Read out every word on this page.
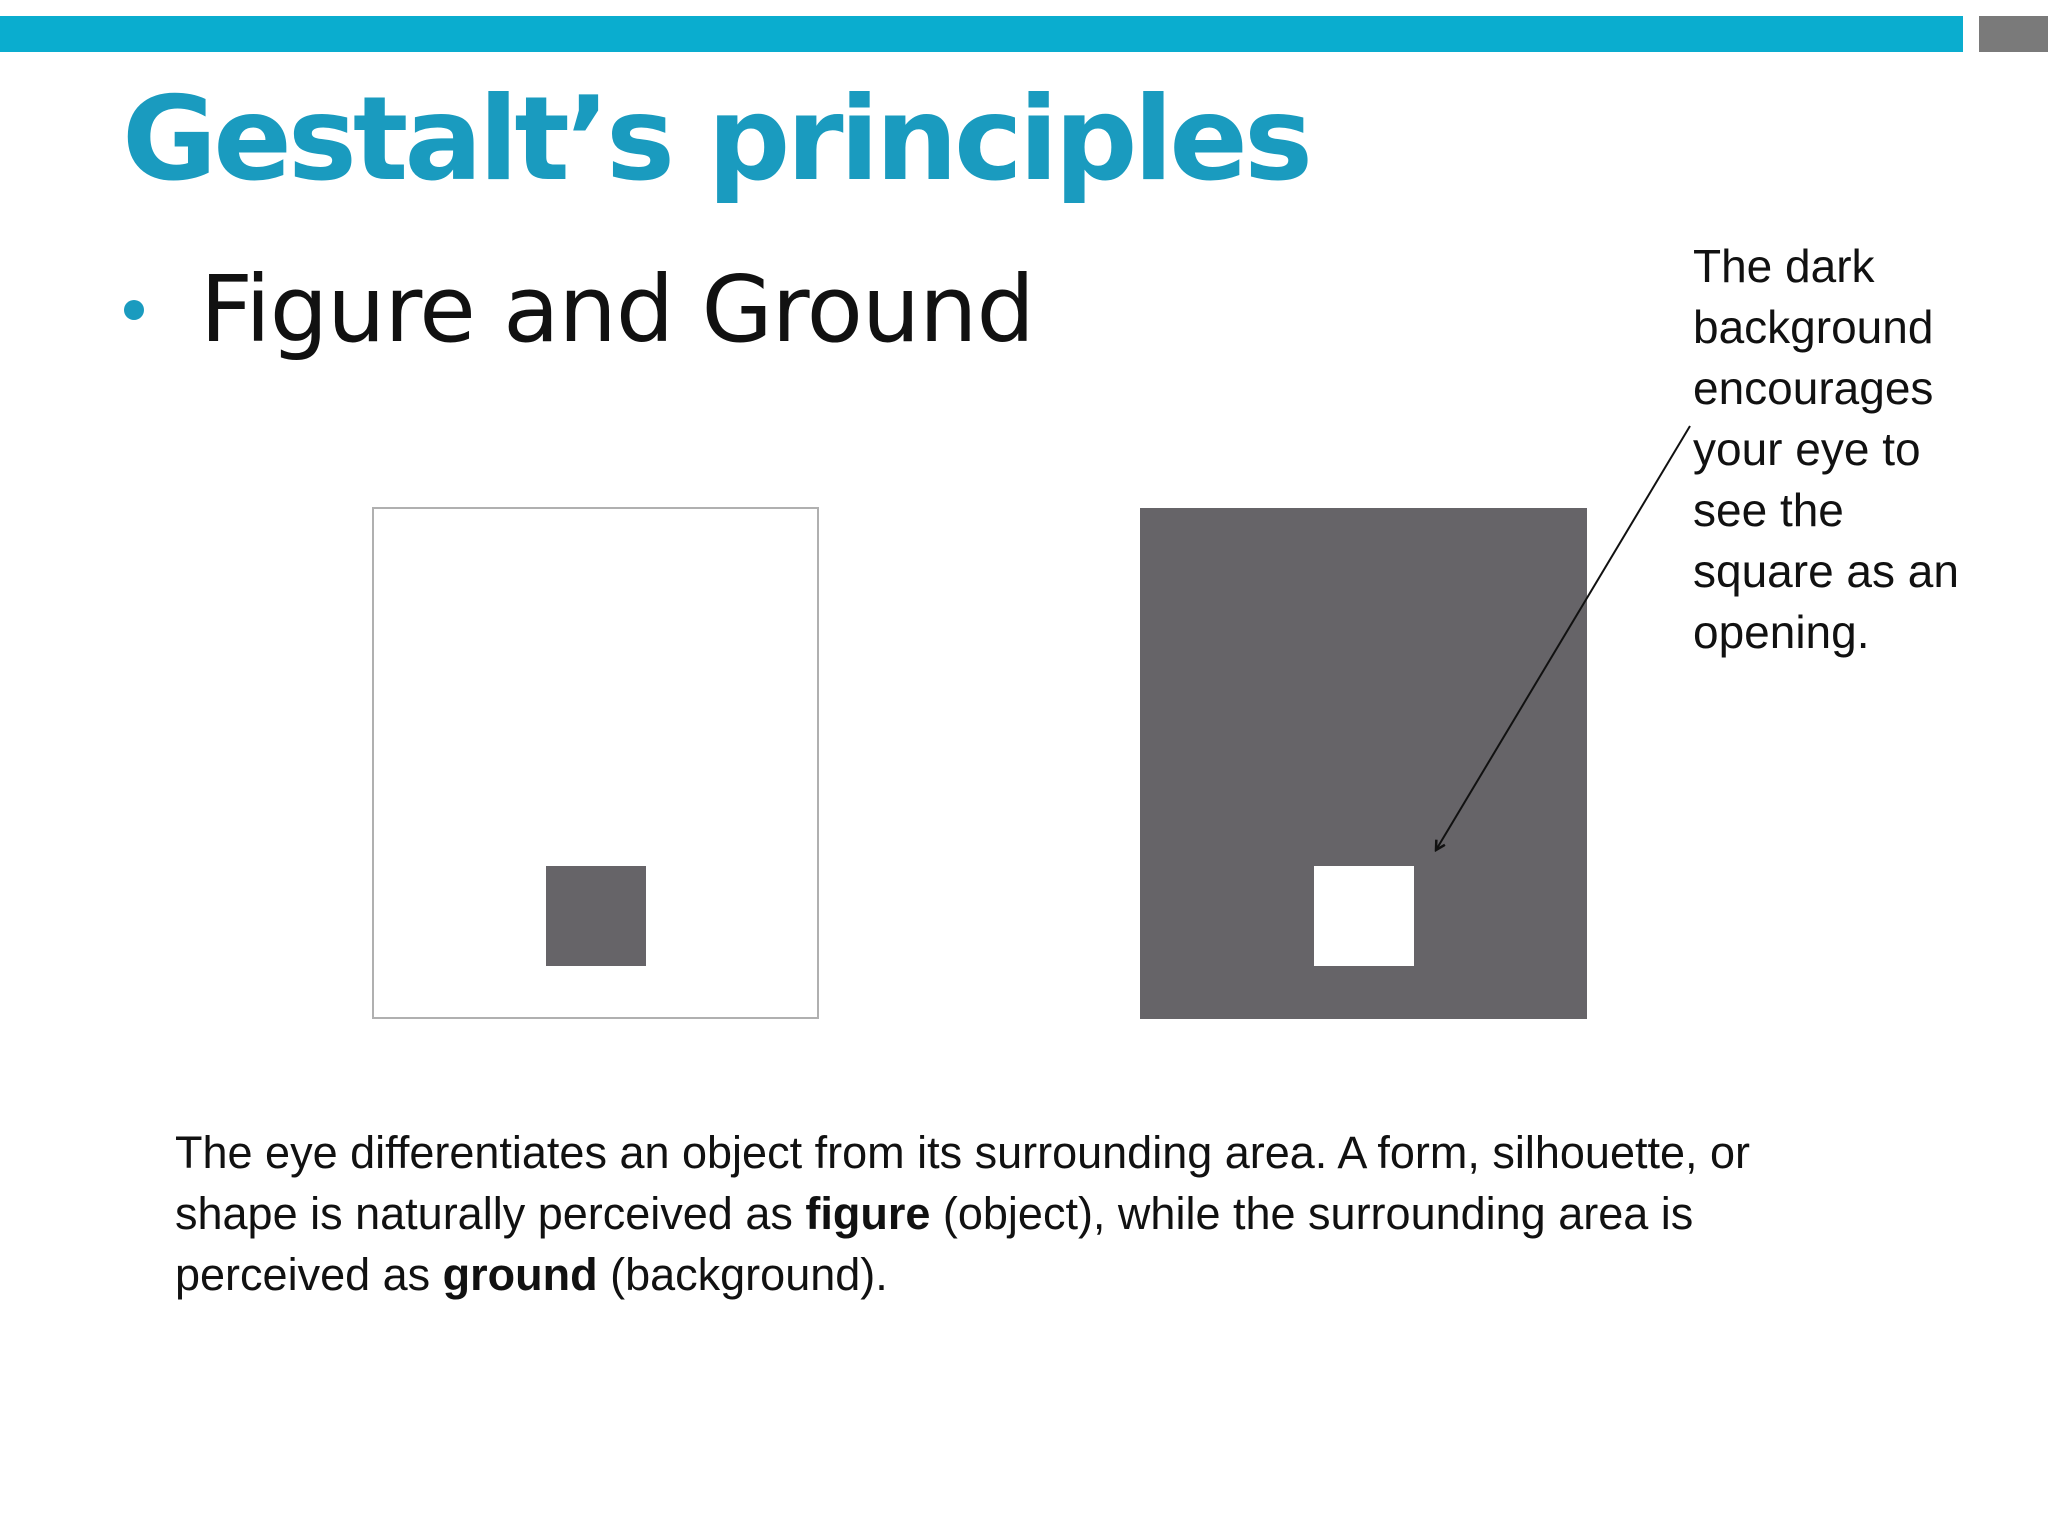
Gestalt’s principles
Figure and Ground	The dark
background
encourages
your eye to
see the
square as an
opening.

The eye differentiates an object from its surrounding area. A form, silhouette, or shape is naturally perceived as figure (object), while the surrounding area is perceived as ground (background).
